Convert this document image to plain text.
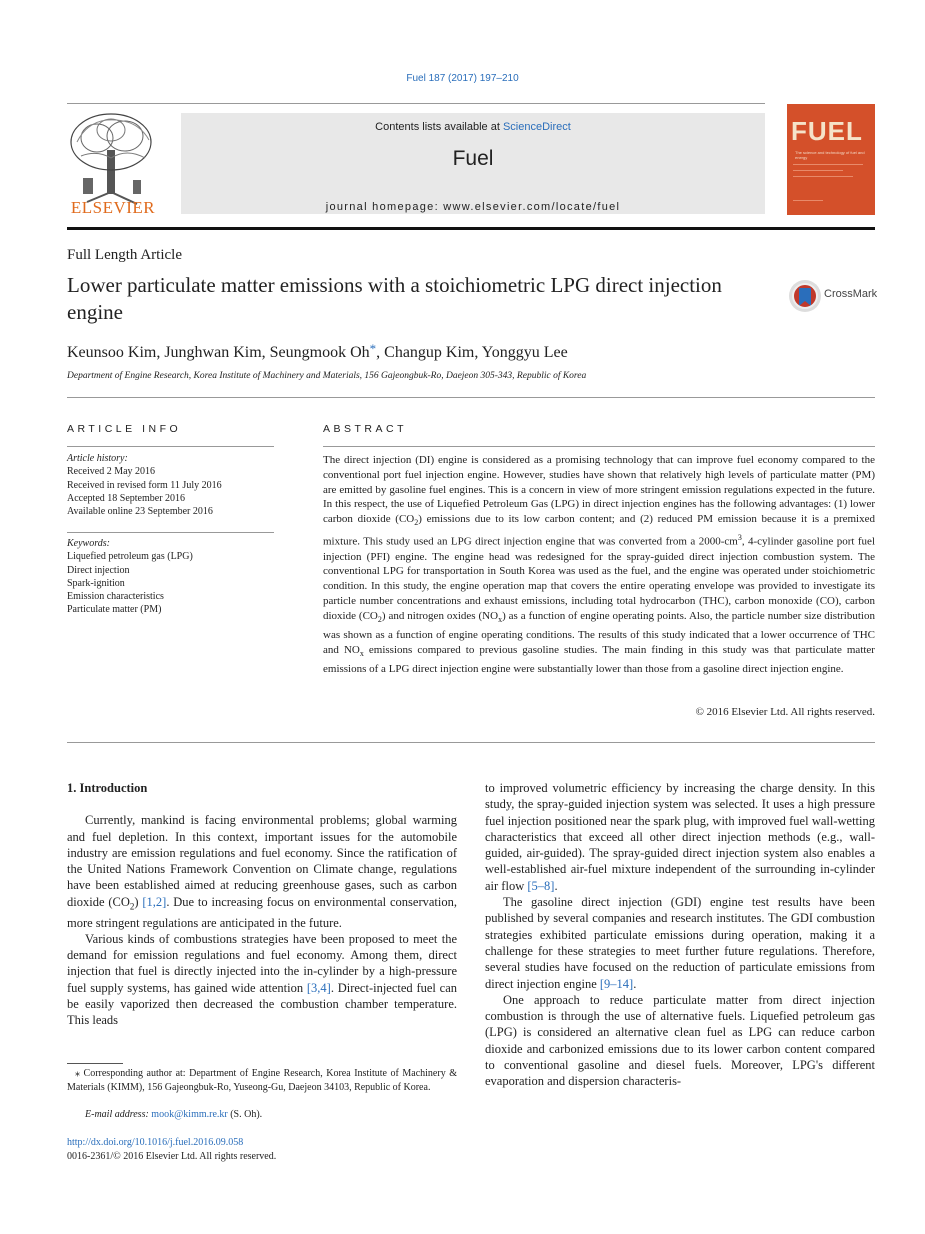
Fuel 187 (2017) 197–210
ELSEVIER
Contents lists available at ScienceDirect
Fuel
journal homepage: www.elsevier.com/locate/fuel
FUEL
The science and technology of fuel and energy
Full Length Article
Lower particulate matter emissions with a stoichiometric LPG direct injection engine
CrossMark
Keunsoo Kim, Junghwan Kim, Seungmook Oh*, Changup Kim, Yonggyu Lee
Department of Engine Research, Korea Institute of Machinery and Materials, 156 Gajeongbuk-Ro, Daejeon 305-343, Republic of Korea
ARTICLE INFO
Article history:
Received 2 May 2016
Received in revised form 11 July 2016
Accepted 18 September 2016
Available online 23 September 2016
Keywords:
Liquefied petroleum gas (LPG)
Direct injection
Spark-ignition
Emission characteristics
Particulate matter (PM)
ABSTRACT
The direct injection (DI) engine is considered as a promising technology that can improve fuel economy compared to the conventional port fuel injection engine. However, studies have shown that relatively high levels of particulate matter (PM) are emitted by gasoline fuel engines. This is a concern in view of more stringent emission regulations expected in the future. In this respect, the use of Liquefied Petroleum Gas (LPG) in direct injection engines has the following advantages: (1) lower carbon dioxide $(CO_2)$ emissions due to its low carbon content; and (2) reduced PM emission because it is a premixed mixture. This study used an LPG direct injection engine that was converted from a $2000-cm^3$, 4-cylinder gasoline port fuel injection (PFI) engine. The engine head was redesigned for the spray-guided direct injection combustion system. The conventional LPG for transportation in South Korea was used as the fuel, and the engine was operated under stoichiometric condition. In this study, the engine operation map that covers the entire operating envelope was provided to investigate its particle number concentrations and exhaust emissions, including total hydrocarbon (THC), carbon monoxide (CO), carbon dioxide $(CO_2)$ and nitrogen oxides $(NO_x)$ as a function of engine operating points. Also, the particle number size distribution was shown as a function of engine operating conditions. The results of this study indicated that a lower occurrence of THC and $NO_x$ emissions compared to previous gasoline studies. The main finding in this study was that particulate matter emissions of a LPG direct injection engine were substantially lower than those from a gasoline direct injection engine.
© 2016 Elsevier Ltd. All rights reserved.
1. Introduction

Currently, mankind is facing environmental problems; global warming and fuel depletion. In this context, important issues for the automobile industry are emission regulations and fuel economy. Since the ratification of the United Nations Framework Convention on Climate change, regulations have been established aimed at reducing greenhouse gases, such as carbon dioxide $(CO_2)$ [1,2]. Due to increasing focus on environmental conservation, more stringent regulations are anticipated in the future.

Various kinds of combustions strategies have been proposed to meet the demand for emission regulations and fuel economy. Among them, direct injection that fuel is directly injected into the in-cylinder by a high-pressure fuel supply systems, has gained wide attention [3,4]. Direct-injected fuel can be easily vaporized then decreased the combustion chamber temperature. This leads

to improved volumetric efficiency by increasing the charge density. In this study, the spray-guided injection system was selected. It uses a high pressure fuel injection positioned near the spark plug, with improved fuel wall-wetting characteristics that exceed all other direct injection methods (e.g., wall-guided, air-guided). The spray-guided direct injection system also enables a well-established air-fuel mixture independent of the surrounding in-cylinder air flow [5–8].

The gasoline direct injection (GDI) engine test results have been published by several companies and research institutes. The GDI combustion strategies exhibited particulate emissions during operation, making it a challenge for these strategies to meet further future regulations. Therefore, several studies have focused on the reduction of particulate emissions from direct injection engine [9–14].

One approach to reduce particulate matter from direct injection combustion is through the use of alternative fuels. Liquefied petroleum gas (LPG) is considered an alternative clean fuel as LPG can reduce carbon dioxide and carbonized emissions due to its lower carbon content compared to conventional gasoline and diesel fuels. Moreover, LPG's different evaporation and dispersion characteris-

⁎ Corresponding author at: Department of Engine Research, Korea Institute of Machinery & Materials (KIMM), 156 Gajeongbuk-Ro, Yuseong-Gu, Daejeon 34103, Republic of Korea.
E-mail address: mook@kimm.re.kr (S. Oh).
http://dx.doi.org/10.1016/j.fuel.2016.09.058
0016-2361/© 2016 Elsevier Ltd. All rights reserved.
